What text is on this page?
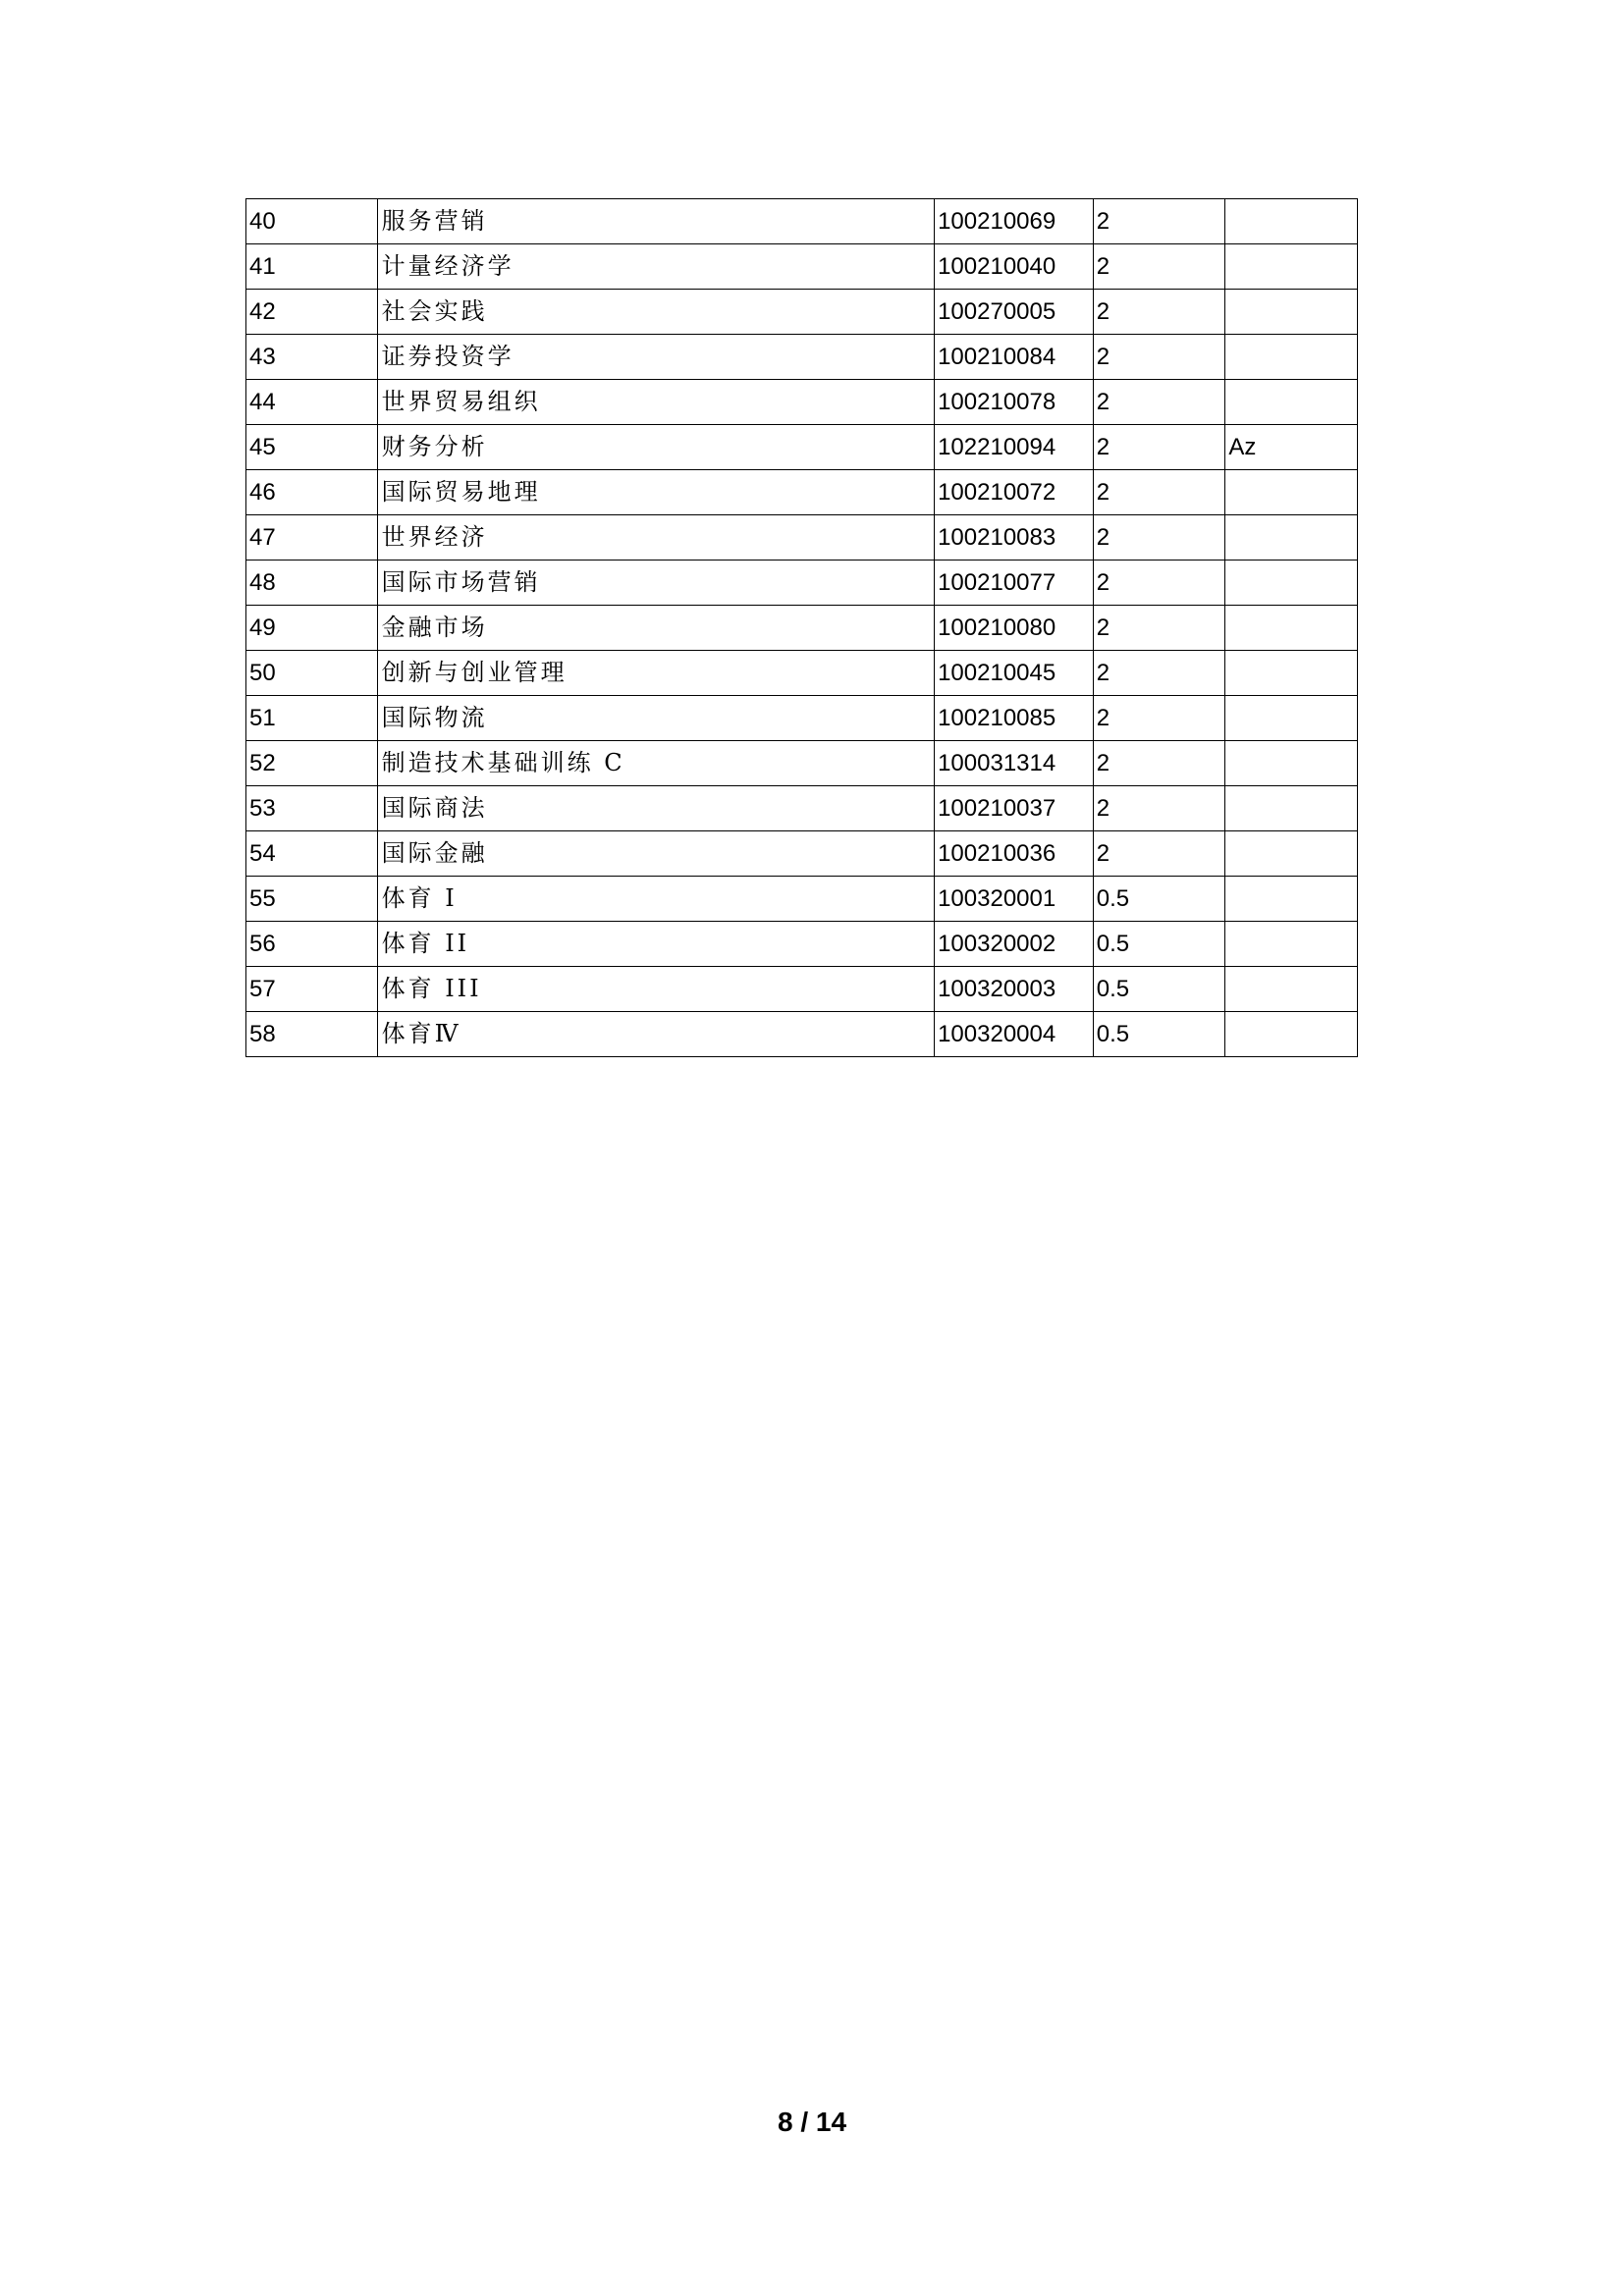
40	服务营销	100210069	2	
41	计量经济学	100210040	2	
42	社会实践	100270005	2	
43	证券投资学	100210084	2	
44	世界贸易组织	100210078	2	
45	财务分析	102210094	2	Az
46	国际贸易地理	100210072	2	
47	世界经济	100210083	2	
48	国际市场营销	100210077	2	
49	金融市场	100210080	2	
50	创新与创业管理	100210045	2	
51	国际物流	100210085	2	
52	制造技术基础训练 C	100031314	2	
53	国际商法	100210037	2	
54	国际金融	100210036	2	
55	体育 I	100320001	0.5	
56	体育 II	100320002	0.5	
57	体育 III	100320003	0.5	
58	体育Ⅳ	100320004	0.5	
8 / 14
